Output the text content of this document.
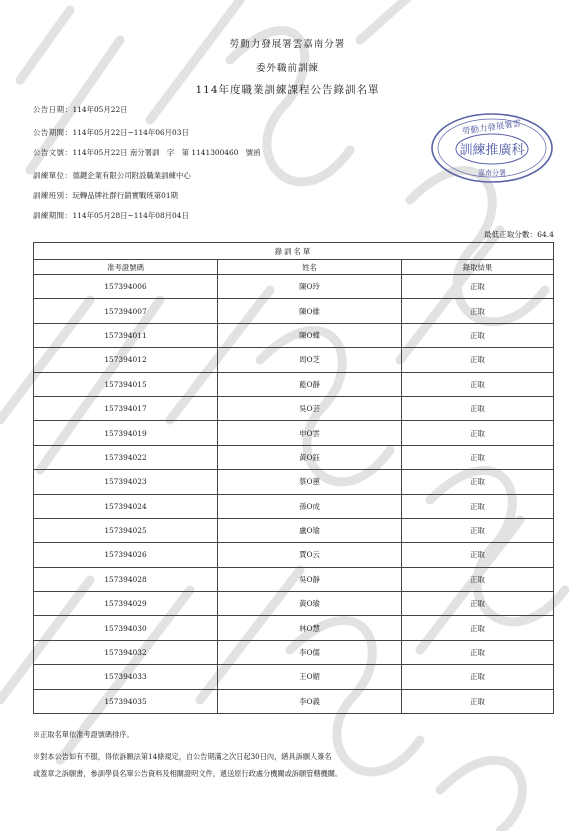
勞動力發展署雲嘉南分署
委外職前訓練
114年度職業訓練課程公告錄訓名單
公告日期：114年05月22日
公告期間：114年05月22日~114年06月03日
公告文號：114年05月22日 南分署訓　字　第 1141300460　號函
訓練單位：德鍵企業有限公司附設職業訓練中心
訓練班別：玩轉品牌社群行銷實戰班第01期
訓練期間：114年05月28日~114年08月04日
勞動力發展署雲
訓練推廣科
嘉南分署
最低正取分數：64.4
錄訓名單		
准考證號碼	姓名	錄取結果
157394006	陳O玲	正取
157394007	陳O維	正取
157394011	陳O蝶	正取
157394012	周O芝	正取
157394015	藍O靜	正取
157394017	吳O芸	正取
157394019	申O雲	正取
157394022	黃O鈺	正取
157394023	蔡O蕙	正取
157394024	孫O成	正取
157394025	盧O瑜	正取
157394026	賈O云	正取
157394028	吳O靜	正取
157394029	黃O瑜	正取
157394030	林O慧	正取
157394032	李O儒	正取
157394033	王O媚	正取
157394035	李O義	正取
※正取名單依准考證號碼排序。
※對本公告如有不服，得依訴願法第14條規定，自公告期滿之次日起30日內，繕具訴願人簽名
或蓋章之訴願書，參訓學員名單公告資料及相關證明文件，遞送原行政處分機關或訴願管轄機關。
